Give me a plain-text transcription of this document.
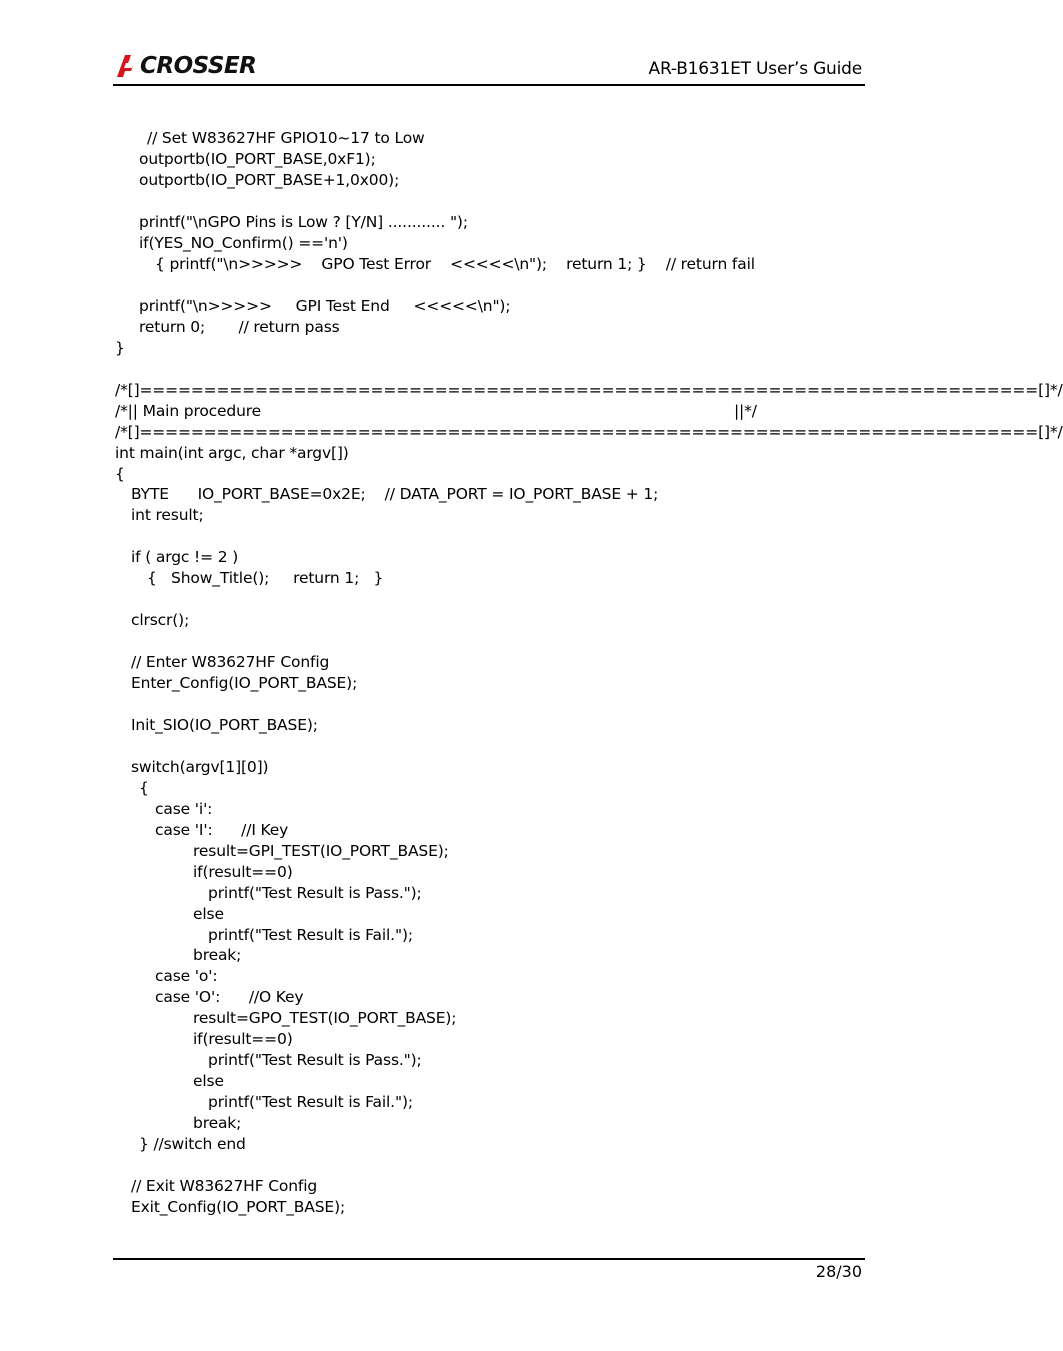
CROSSER	AR-B1631ET User’s Guide
// Set W83627HF GPIO10~17 to Low
outportb(IO_PORT_BASE,0xF1);
outportb(IO_PORT_BASE+1,0x00);
printf("\nGPO Pins is Low ? [Y/N] ............ ");
if(YES_NO_Confirm() =='n')
{ printf("\n>>>>>    GPO Test Error    <<<<<\n");    return 1; }    // return fail
printf("\n>>>>>     GPI Test End     <<<<<\n");
return 0;       // return pass
}
/*[]======================================================================[]*/
/*|| Main procedure                                                                                                   ||*/
/*[]======================================================================[]*/
int main(int argc, char *argv[])
{
BYTE      IO_PORT_BASE=0x2E;    // DATA_PORT = IO_PORT_BASE + 1;
int result;
if ( argc != 2 )
{   Show_Title();     return 1;   }
clrscr();
// Enter W83627HF Config
Enter_Config(IO_PORT_BASE);
Init_SIO(IO_PORT_BASE);
switch(argv[1][0])
{
case 'i':
case 'I':      //I Key
result=GPI_TEST(IO_PORT_BASE);
if(result==0)
printf("Test Result is Pass.");
else
printf("Test Result is Fail.");
break;
case 'o':
case 'O':      //O Key
result=GPO_TEST(IO_PORT_BASE);
if(result==0)
printf("Test Result is Pass.");
else
printf("Test Result is Fail.");
break;
} //switch end
// Exit W83627HF Config
Exit_Config(IO_PORT_BASE);
28/30
